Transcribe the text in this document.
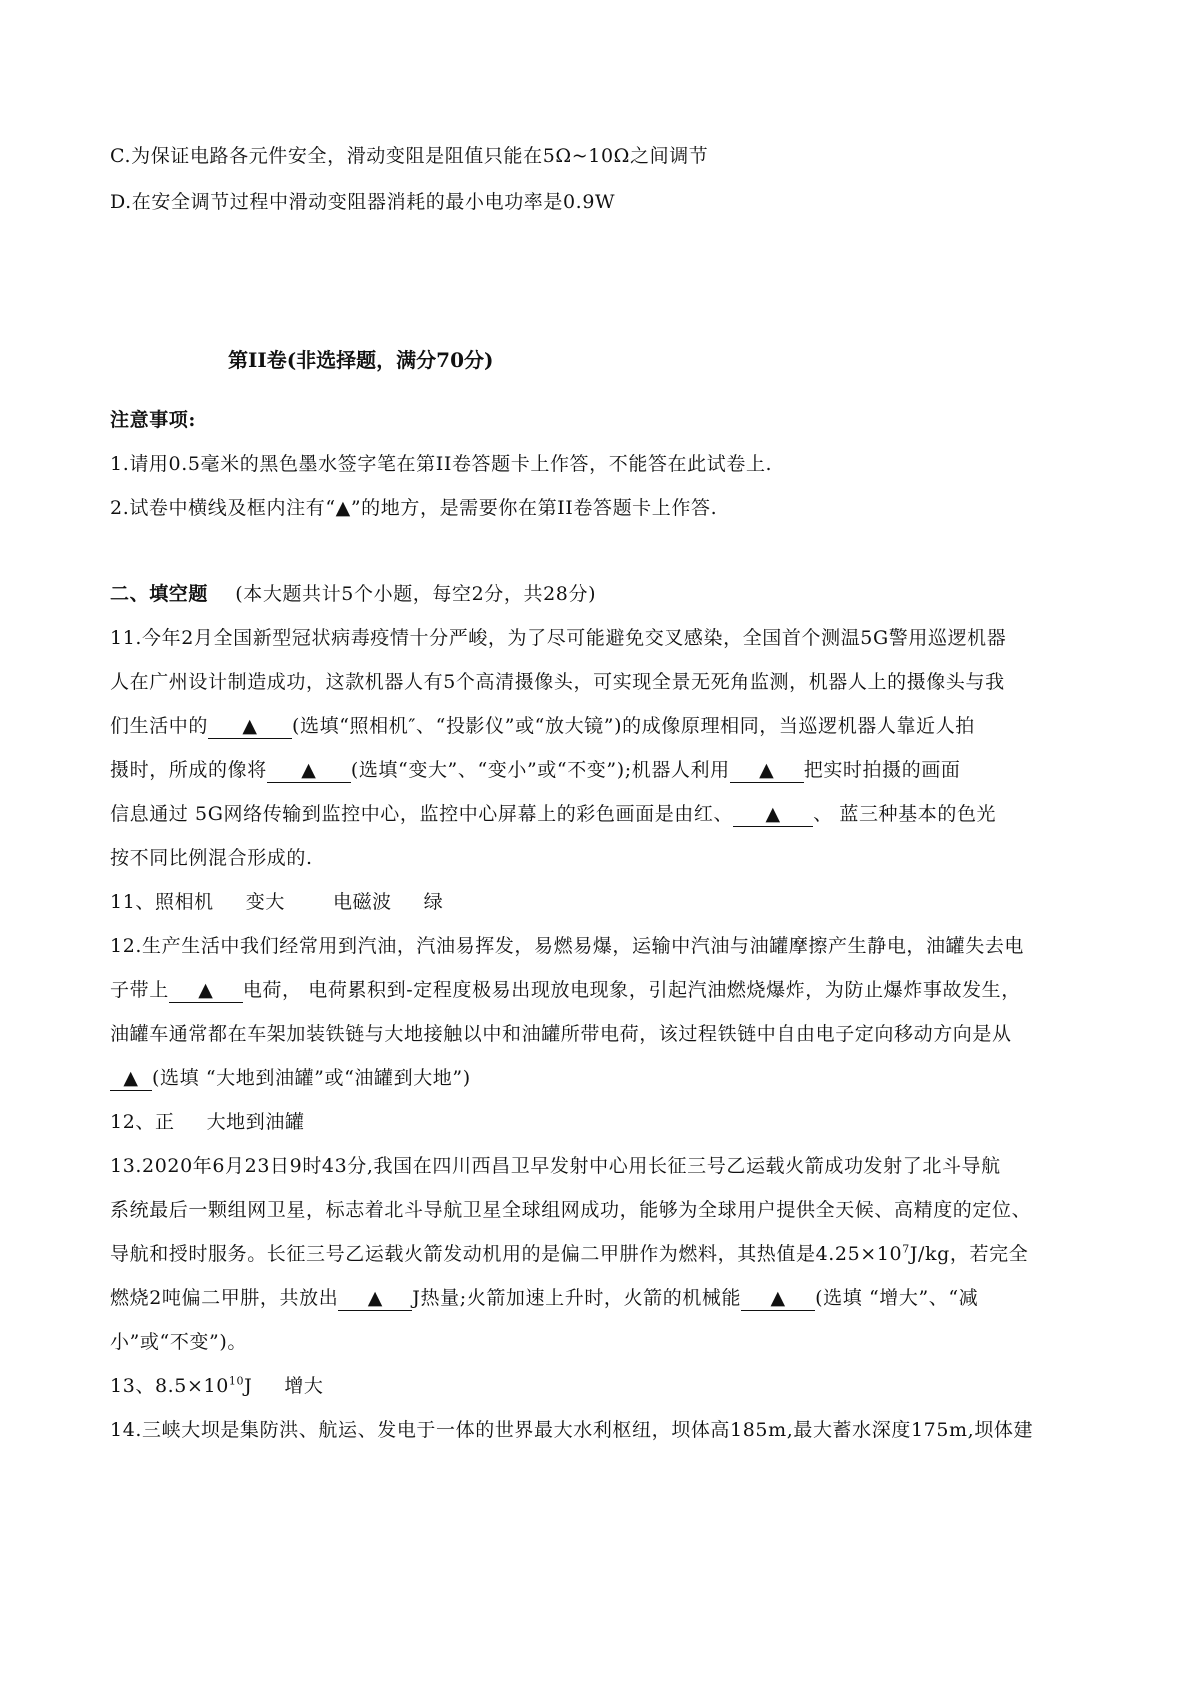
C.为保证电路各元件安全，滑动变阻是阻值只能在5Ω~10Ω之间调节
D.在安全调节过程中滑动变阻器消耗的最小电功率是0.9W
第II卷(非选择题，满分70分)
注意事项:
1.请用0.5毫米的黑色墨水签字笔在第II卷答题卡上作答，不能答在此试卷上.
2.试卷中横线及框内注有“▲”的地方，是需要你在第II卷答题卡上作答.
二、填空题 (本大题共计5个小题，每空2分，共28分)
11.今年2月全国新型冠状病毒疫情十分严峻，为了尽可能避免交叉感染，全国首个测温5G警用巡逻机器
人在广州设计制造成功，这款机器人有5个高清摄像头，可实现全景无死角监测，机器人上的摄像头与我
们生活中的 ▲ (选填“照相机″、“投影仪”或“放大镜”)的成像原理相同，当巡逻机器人靠近人拍
摄时，所成的像将 ▲ (选填“变大”、“变小”或“不变”);机器人利用 ▲ 把实时拍摄的画面
信息通过 5G网络传输到监控中心，监控中心屏幕上的彩色画面是由红、 ▲ 、 蓝三种基本的色光
按不同比例混合形成的.
11、照相机 变大	电磁波 绿
12.生产生活中我们经常用到汽油，汽油易挥发，易燃易爆，运输中汽油与油罐摩擦产生静电，油罐失去电
子带上 ▲ 电荷， 电荷累积到-定程度极易出现放电现象，引起汽油燃烧爆炸，为防止爆炸事故发生，
油罐车通常都在车架加装铁链与大地接触以中和油罐所带电荷，该过程铁链中自由电子定向移动方向是从
▲ (选填 “大地到油罐”或“油罐到大地”)
12、正 大地到油罐
13.2020年6月23日9时43分,我国在四川西昌卫早发射中心用长征三号乙运载火箭成功发射了北斗导航
系统最后一颗组网卫星，标志着北斗导航卫星全球组网成功，能够为全球用户提供全天候、高精度的定位、
导航和授时服务。长征三号乙运载火箭发动机用的是偏二甲肼作为燃料，其热值是$4.25\times 10^7J/kg$，若完全
燃烧2吨偏二甲肼，共放出 ▲ J热量;火箭加速上升时，火箭的机械能 ▲ (选填 “增大”、“减
小”或“不变”)。
13、$8.5\times 10^{10}J$ 增大
14.三峡大坝是集防洪、航运、发电于一体的世界最大水利枢纽，坝体高185m,最大蓄水深度175m,坝体建
